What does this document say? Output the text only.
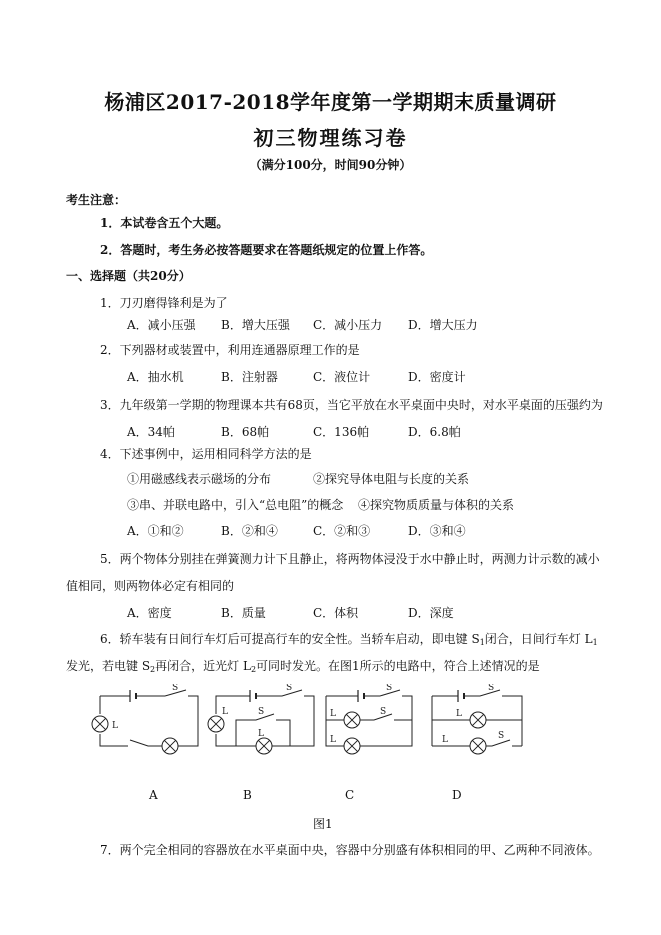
杨浦区2017-2018学年度第一学期期末质量调研
初三物理练习卷
（满分100分，时间90分钟）
考生注意：
1．本试卷含五个大题。
2．答题时，考生务必按答题要求在答题纸规定的位置上作答。
一、选择题（共20分）
1．刀刃磨得锋利是为了
A．减小压强 B．增大压强 C．减小压力 D．增大压力
2．下列器材或装置中，利用连通器原理工作的是
A．抽水机	B．注射器	C．液位计	D．密度计
3．九年级第一学期的物理课本共有68页，当它平放在水平桌面中央时，对水平桌面的压强约为
A．34帕	B．68帕	C．136帕	D．6.8帕
4．下述事例中，运用相同科学方法的是
①用磁感线表示磁场的分布	②探究导体电阻与长度的关系
③串、并联电路中，引入“总电阻”的概念 ④探究物质质量与体积的关系
A．①和②	B．②和④	C．②和③	D．③和④
5．两个物体分别挂在弹簧测力计下且静止，将两物体浸没于水中静止时，两测力计示数的减小
值相同，则两物体必定有相同的
A．密度	B．质量	C．体积	D．深度
6．轿车装有日间行车灯后可提高行车的安全性。当轿车启动，即电键 $S_1$闭合，日间行车灯 $L_1$
发光，若电键 $S_2$再闭合，近光灯 $L_2$可同时发光。在图1所示的电路中，符合上述情况的是
L
S
L	S
L
S
L
L
S
S
L
L	S
S
A	B	C	D
图1
7．两个完全相同的容器放在水平桌面中央，容器中分别盛有体积相同的甲、乙两种不同液体。
